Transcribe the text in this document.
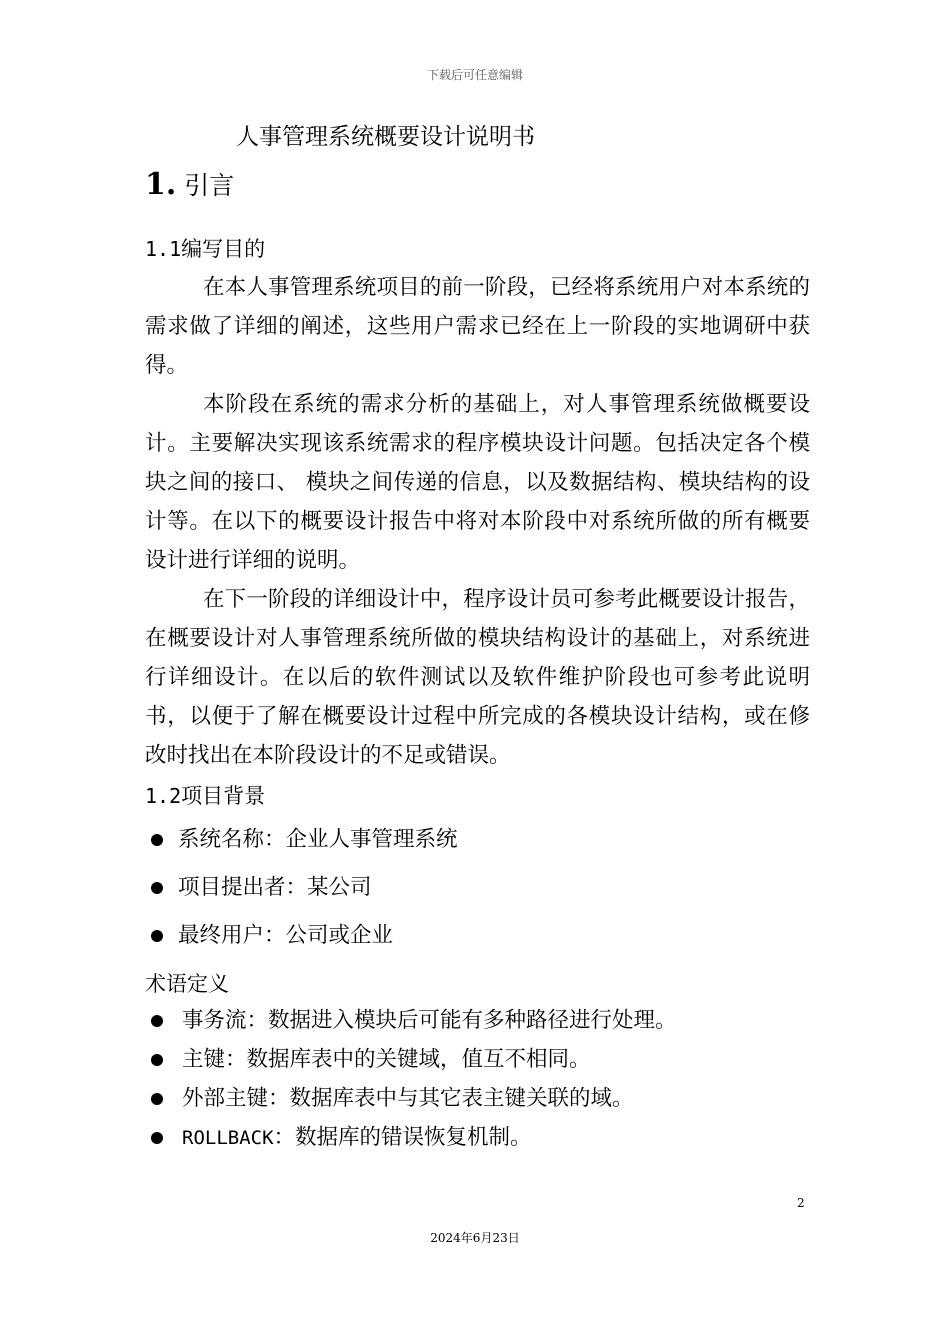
下载后可任意编辑
人事管理系统概要设计说明书
1. 引言
1.1编写目的
在本人事管理系统项目的前一阶段，已经将系统用户对本系统的需求做了详细的阐述，这些用户需求已经在上一阶段的实地调研中获得。
本阶段在系统的需求分析的基础上，对人事管理系统做概要设计。主要解决实现该系统需求的程序模块设计问题。包括决定各个模块之间的接口、 模块之间传递的信息，以及数据结构、模块结构的设计等。在以下的概要设计报告中将对本阶段中对系统所做的所有概要设计进行详细的说明。
在下一阶段的详细设计中，程序设计员可参考此概要设计报告，在概要设计对人事管理系统所做的模块结构设计的基础上，对系统进行详细设计。在以后的软件测试以及软件维护阶段也可参考此说明书，以便于了解在概要设计过程中所完成的各模块设计结构，或在修改时找出在本阶段设计的不足或错误。
1.2项目背景
系统名称：企业人事管理系统
项目提出者：某公司
最终用户：公司或企业
术语定义
事务流：数据进入模块后可能有多种路径进行处理。
主键：数据库表中的关键域，值互不相同。
外部主键：数据库表中与其它表主键关联的域。
ROLLBACK：数据库的错误恢复机制。
2
2024年6月23日
